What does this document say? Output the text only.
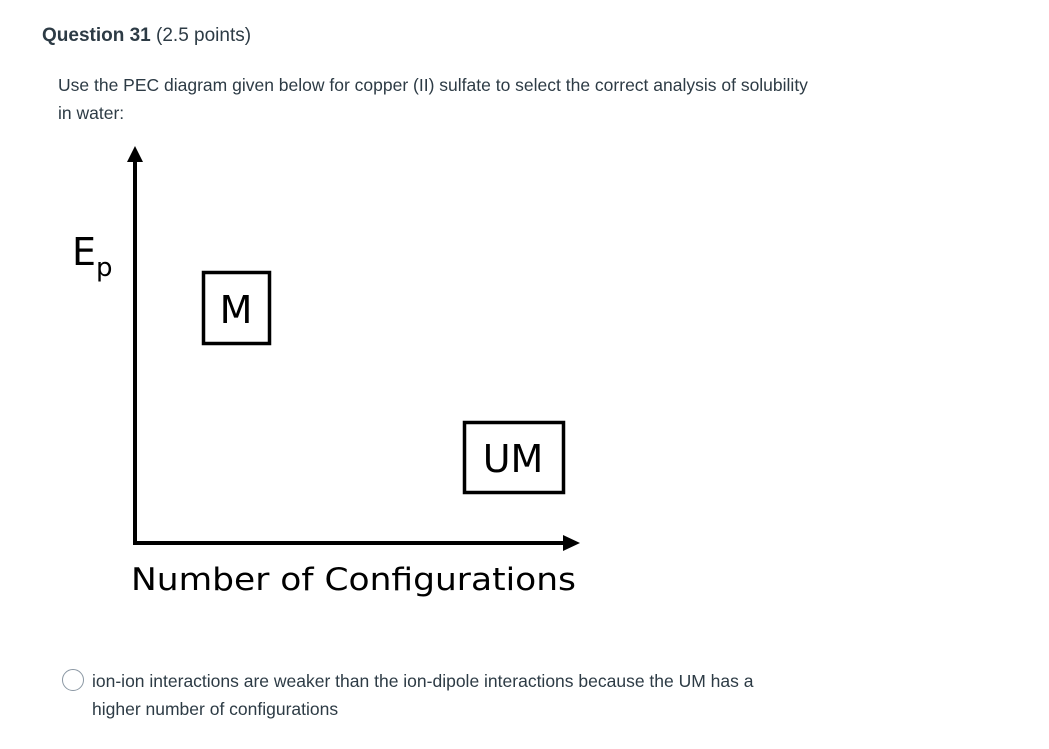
Question 31 (2.5 points)
Use the PEC diagram given below for copper (II) sulfate to select the correct analysis of solubility in water:
E p
M
UM
Number of Configurations
ion-ion interactions are weaker than the ion-dipole interactions because the UM has a higher number of configurations
